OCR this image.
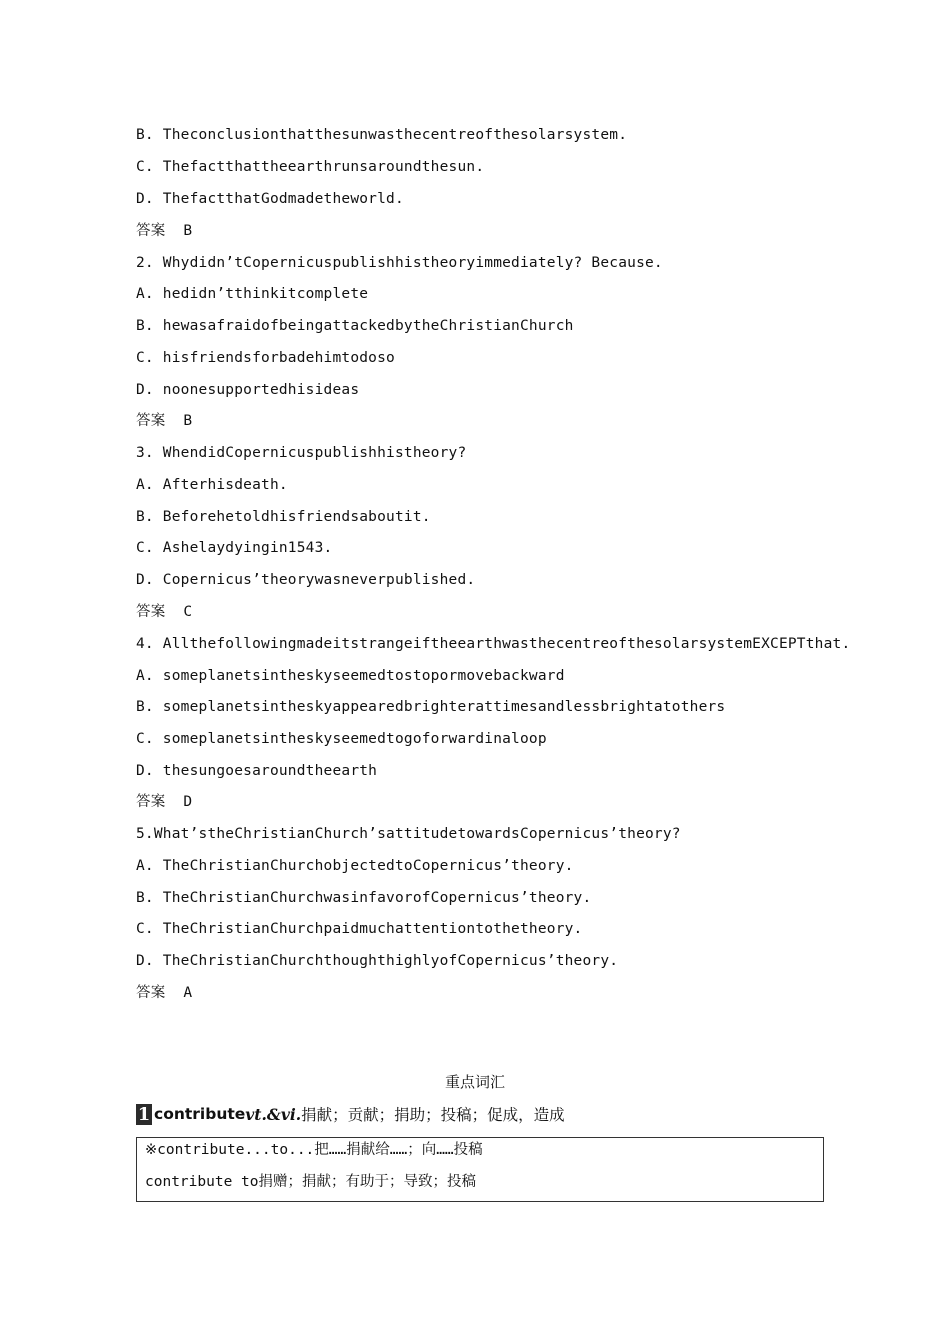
B. Theconclusionthatthesunwasthecentreofthesolarsystem.
C. Thefactthattheearthrunsaroundthesun.
D. ThefactthatGodmadetheworld.
答案 B
2. Whydidn’tCopernicuspublishhistheoryimmediately? Because.
A. hedidn’tthinkitcomplete
B. hewasafraidofbeingattackedbytheChristianChurch
C. hisfriendsforbadehimtodoso
D. noonesupportedhisideas
答案 B
3. WhendidCopernicuspublishhistheory?
A. Afterhisdeath.
B. Beforehetoldhisfriendsaboutit.
C. Ashelaydyingin1543.
D. Copernicus’theorywasneverpublished.
答案 C
4. AllthefollowingmadeitstrangeiftheearthwasthecentreofthesolarsystemEXCEPTthat.
A. someplanetsintheskyseemedtostopormovebackward
B. someplanetsintheskyappearedbrighterattimesandlessbrightatothers
C. someplanetsintheskyseemedtogoforwardinaloop
D. thesungoesaroundtheearth
答案 D
5.What’stheChristianChurch’sattitudetowardsCopernicus’theory?
A. TheChristianChurchobjectedtoCopernicus’theory.
B. TheChristianChurchwasinfavorofCopernicus’theory.
C. TheChristianChurchpaidmuchattentiontothetheory.
D. TheChristianChurchthoughthighlyofCopernicus’theory.
答案 A
重点词汇
1 contribute vt.&vi. 捐献；贡献；捐助；投稿；促成，造成
※contribute...to...把……捐献给……；向……投稿
contribute to捐赠；捐献；有助于；导致；投稿
